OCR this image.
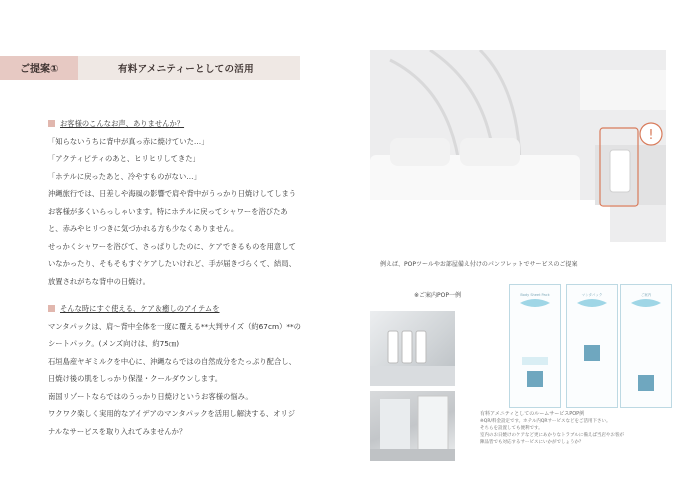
ご提案①	有料アメニティーとしての活用
お客様のこんなお声、ありませんか？
「知らないうちに背中が真っ赤に焼けていた…」
「アクティビティのあと、ヒリヒリしてきた」
「ホテルに戻ったあと、冷やすものがない…」
沖縄旅行では、日差しや海風の影響で肩や背中がうっかり日焼けしてしまう
お客様が多くいらっしゃいます。特にホテルに戻ってシャワーを浴びたあ
と、赤みやヒリつきに気づかれる方も少なくありません。
せっかくシャワーを浴びて、さっぱりしたのに、ケアできるものを用意して
いなかったり、そもそもすぐケアしたいけれど、手が届きづらくて、結局、
放置されがちな背中の日焼け。
そんな時にすぐ使える、ケア＆癒しのアイテムを
マンタパックは、肩～背中全体を一度に覆える**大判サイズ（約67cm）**の
シートパック。(メンズ向けは、約75㎝)
石垣島産ヤギミルクを中心に、沖縄ならではの自然成分をたっぷり配合し、
日焼け後の肌をしっかり保湿・クールダウンします。
南国リゾートならではのうっかり日焼けというお客様の悩み。
ワクワク楽しく実用的なアイデアのマンタパックを活用し解決する、オリジ
ナルなサービスを取り入れてみませんか？
!
例えば、POPツールやお部屋備え付けのパンフレットでサービスのご提案
※ご案内POP一例	Body Sheet Pack	マンタパック	ご案内
有料アメニティとしてのルームサービスPOP例
※QR/料金設定です。ホテル内QRサービスなどをご活用下さい。
そちらを設置しても便利です。
室内のお日焼けのケアなど更にあかりなトラブルに備えば当店やお客が
陳品皆でも対応するサービスにいかがでしょうか？
